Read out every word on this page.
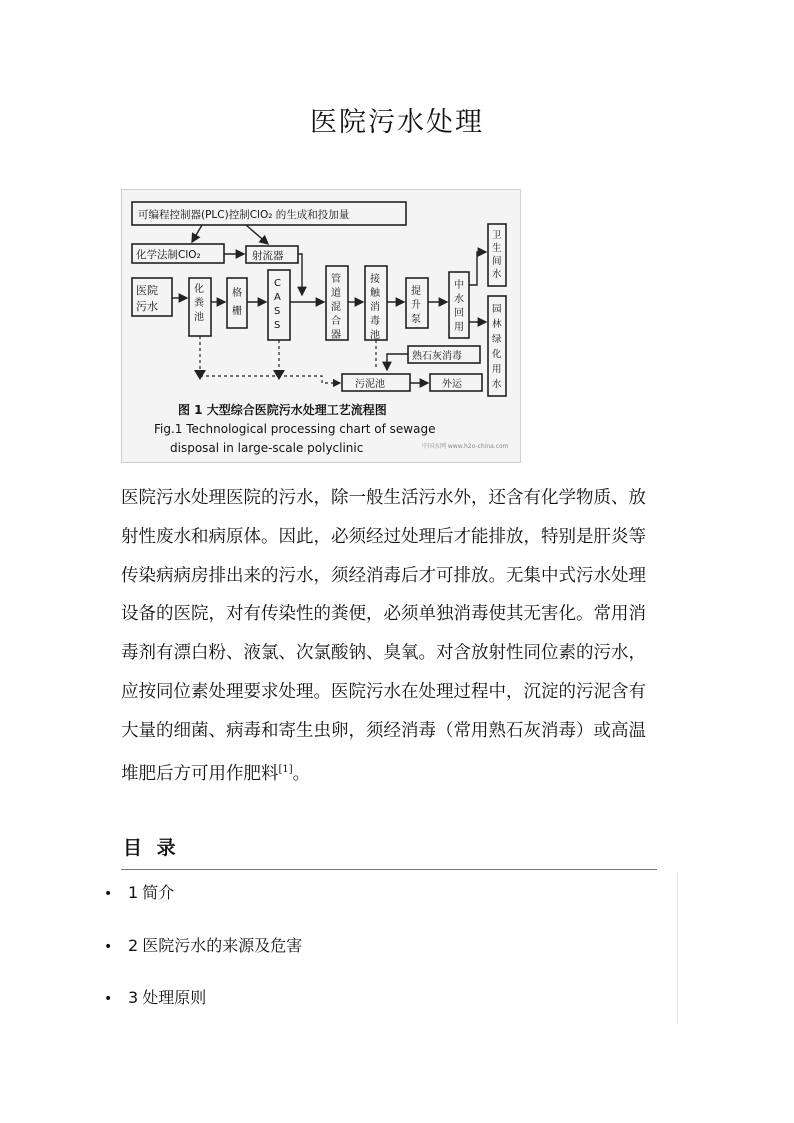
医院污水处理
可编程控制器(PLC)控制ClO₂ 的生成和投加量
化学法制ClO₂	射流器
医院
污水
化粪池
格栅
C A S S
管道混合器
接触消毒池
提升泵
中水回用
卫生间水
园林绿化用水
熟石灰消毒
污泥池	外运
图 1 大型综合医院污水处理工艺流程图
Fig.1 Technological processing chart of sewage
disposal in large-scale polyclinic	中国水网 www.h2o-china.com
医院污水处理医院的污水，除一般生活污水外，还含有化学物质、放
射性废水和病原体。因此，必须经过处理后才能排放，特别是肝炎等
传染病病房排出来的污水，须经消毒后才可排放。无集中式污水处理
设备的医院，对有传染性的粪便，必须单独消毒使其无害化。常用消
毒剂有漂白粉、液氯、次氯酸钠、臭氧。对含放射性同位素的污水，
应按同位素处理要求处理。医院污水在处理过程中，沉淀的污泥含有
大量的细菌、病毒和寄生虫卵，须经消毒（常用熟石灰消毒）或高温
堆肥后方可用作肥料[1]。
目 录
• 1 简介
• 2 医院污水的来源及危害
• 3 处理原则
